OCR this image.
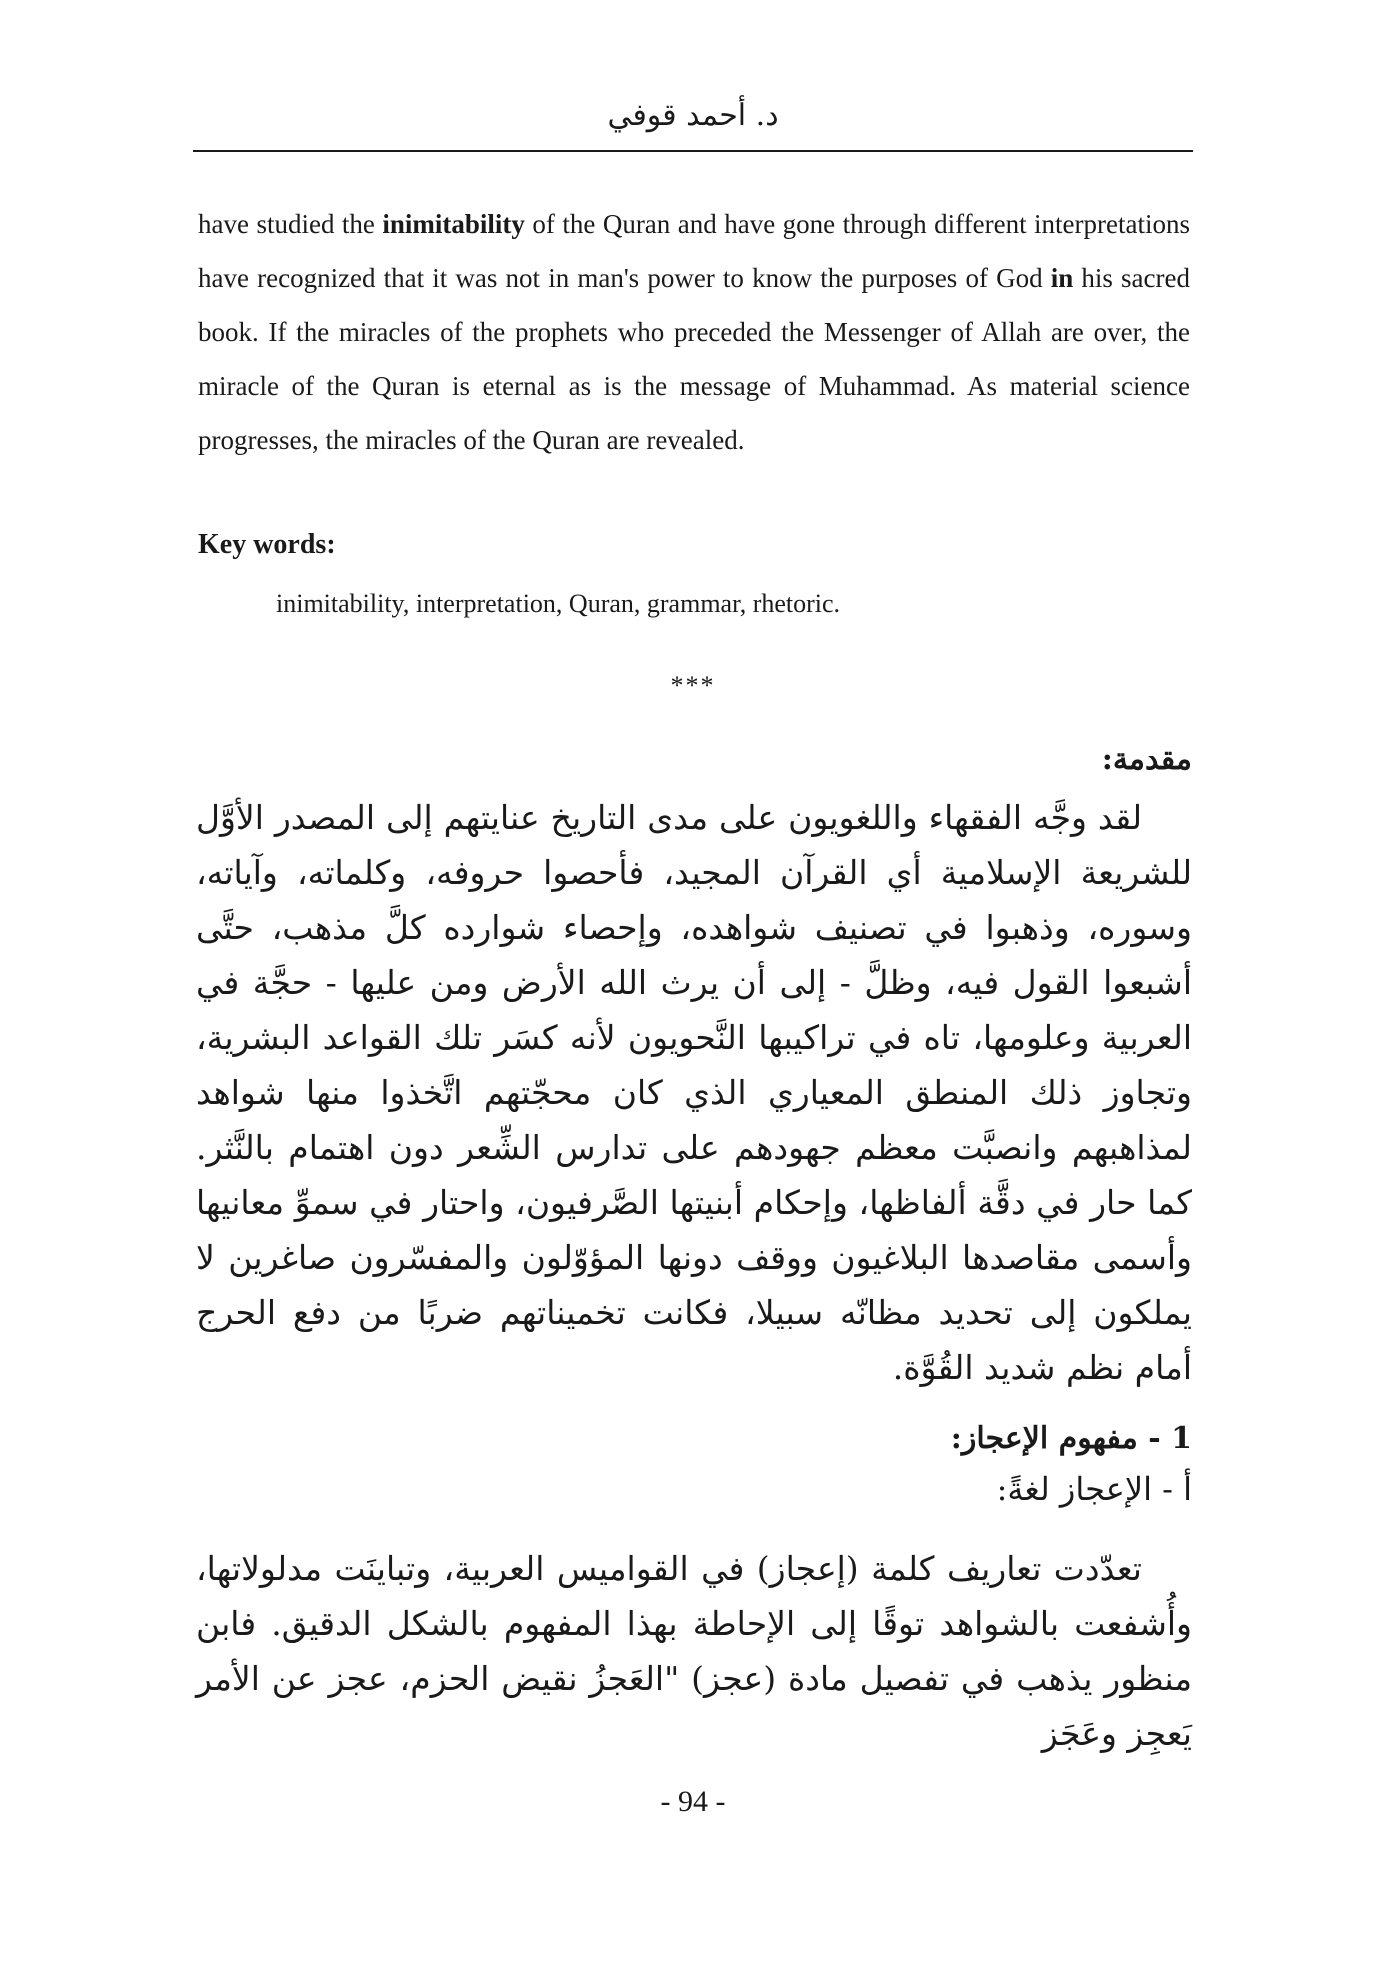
د. أحمد قوفي

have studied the inimitability of the Quran and have gone through different interpretations have recognized that it was not in man's power to know the purposes of God in his sacred book. If the miracles of the prophets who preceded the Messenger of Allah are over, the miracle of the Quran is eternal as is the message of Muhammad. As material science progresses, the miracles of the Quran are revealed.

Key words:

inimitability, interpretation, Quran, grammar, rhetoric.

***

مقدمة:

لقد وجَّه الفقهاء واللغويون على مدى التاريخ عنايتهم إلى المصدر الأوَّل للشريعة الإسلامية أي القرآن المجيد، فأحصوا حروفه، وكلماته، وآياته، وسوره، وذهبوا في تصنيف شواهده، وإحصاء شوارده كلَّ مذهب، حتَّى أشبعوا القول فيه، وظلَّ - إلى أن يرث الله الأرض ومن عليها - حجَّة في العربية وعلومها، تاه في تراكيبها النَّحويون لأنه كسَر تلك القواعد البشرية، وتجاوز ذلك المنطق المعياري الذي كان محجّتهم اتَّخذوا منها شواهد لمذاهبهم وانصبَّت معظم جهودهم على تدارس الشِّعر دون اهتمام بالنَّثر. كما حار في دقَّة ألفاظها، وإحكام أبنيتها الصَّرفيون، واحتار في سموِّ معانيها وأسمى مقاصدها البلاغيون ووقف دونها المؤوّلون والمفسّرون صاغرين لا يملكون إلى تحديد مظانّه سبيلا، فكانت تخميناتهم ضربًا من دفع الحرج أمام نظم شديد القُوَّة.

1 - مفهوم الإعجاز:

أ - الإعجاز لغةً:

تعدّدت تعاريف كلمة (إعجاز) في القواميس العربية، وتباينَت مدلولاتها، وأُشفعت بالشواهد توقًا إلى الإحاطة بهذا المفهوم بالشكل الدقيق. فابن منظور يذهب في تفصيل مادة (عجز) "العَجزُ نقيض الحزم، عجز عن الأمر يَعجِز وعَجَز

- 94 -
